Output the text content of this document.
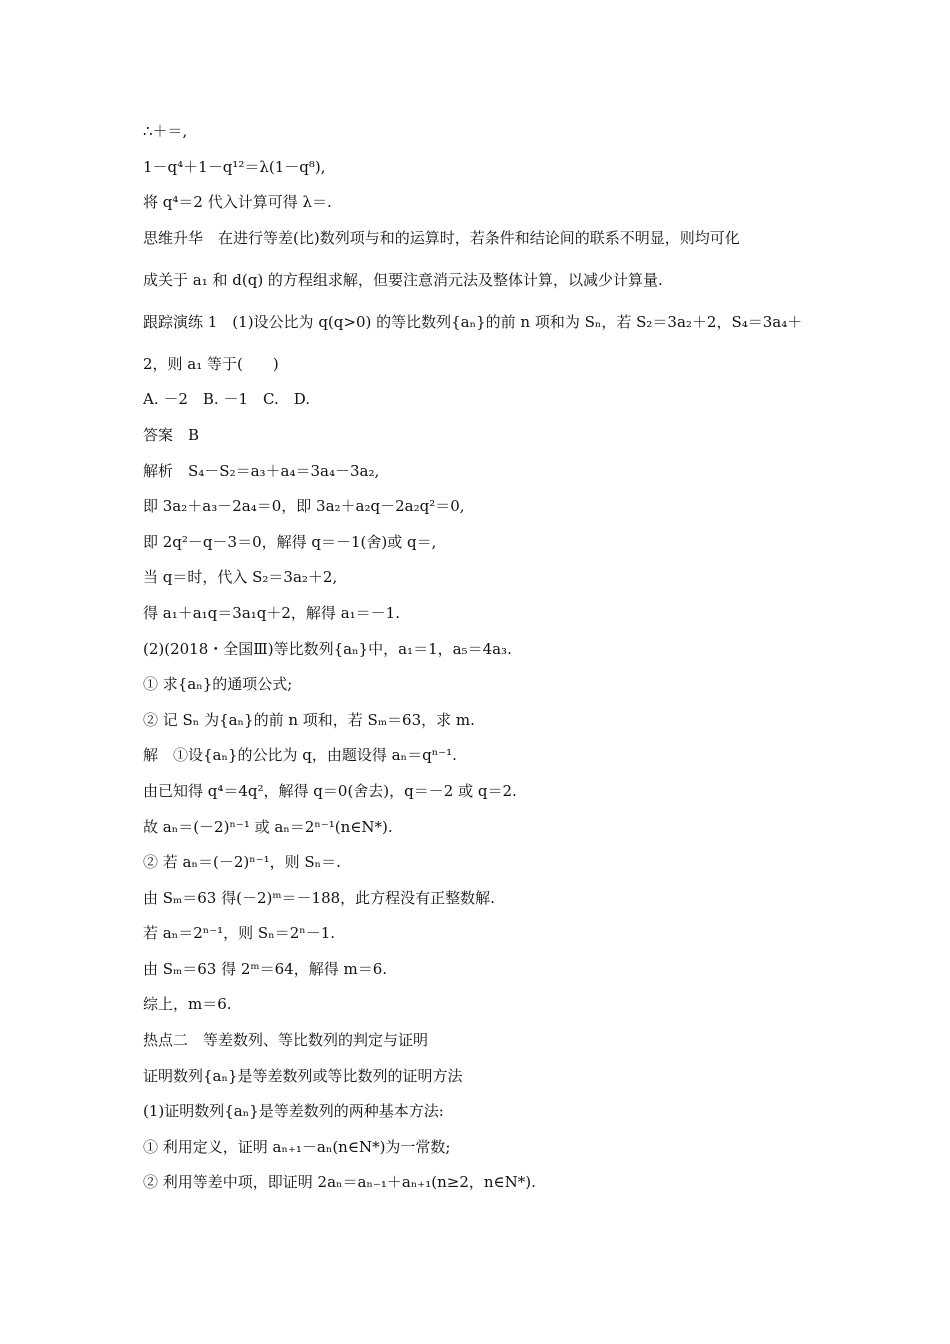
∴＋＝,
1－q⁴＋1－q¹²＝λ(1－q⁸),
将 q⁴＝2 代入计算可得 λ＝.
思维升华　在进行等差(比)数列项与和的运算时，若条件和结论间的联系不明显，则均可化
成关于 a₁ 和 d(q) 的方程组求解，但要注意消元法及整体计算，以减少计算量.
跟踪演练 1　(1)设公比为 q(q>0) 的等比数列{aₙ}的前 n 项和为 Sₙ，若 S₂＝3a₂＋2，S₄＝3a₄＋
2，则 a₁ 等于(　　)
A. －2　B. －1　C.　D.
答案　B
解析　S₄－S₂＝a₃＋a₄＝3a₄－3a₂,
即 3a₂＋a₃－2a₄＝0，即 3a₂＋a₂q－2a₂q²＝0,
即 2q²－q－3＝0，解得 q＝－1(舍)或 q＝,
当 q＝时，代入 S₂＝3a₂＋2,
得 a₁＋a₁q＝3a₁q＋2，解得 a₁＝－1.
(2)(2018・全国Ⅲ)等比数列{aₙ}中，a₁＝1，a₅＝4a₃.
① 求{aₙ}的通项公式;
② 记 Sₙ 为{aₙ}的前 n 项和，若 Sₘ＝63，求 m.
解　①设{aₙ}的公比为 q，由题设得 aₙ＝qⁿ⁻¹.
由已知得 q⁴＝4q²，解得 q＝0(舍去)，q＝－2 或 q＝2.
故 aₙ＝(－2)ⁿ⁻¹ 或 aₙ＝2ⁿ⁻¹(n∈N*).
② 若 aₙ＝(－2)ⁿ⁻¹，则 Sₙ＝.
由 Sₘ＝63 得(－2)ᵐ＝－188，此方程没有正整数解.
若 aₙ＝2ⁿ⁻¹，则 Sₙ＝2ⁿ－1.
由 Sₘ＝63 得 2ᵐ＝64，解得 m＝6.
综上，m＝6.
热点二　等差数列、等比数列的判定与证明
证明数列{aₙ}是等差数列或等比数列的证明方法
(1)证明数列{aₙ}是等差数列的两种基本方法:
① 利用定义，证明 aₙ₊₁－aₙ(n∈N*)为一常数;
② 利用等差中项，即证明 2aₙ＝aₙ₋₁＋aₙ₊₁(n≥2，n∈N*).
